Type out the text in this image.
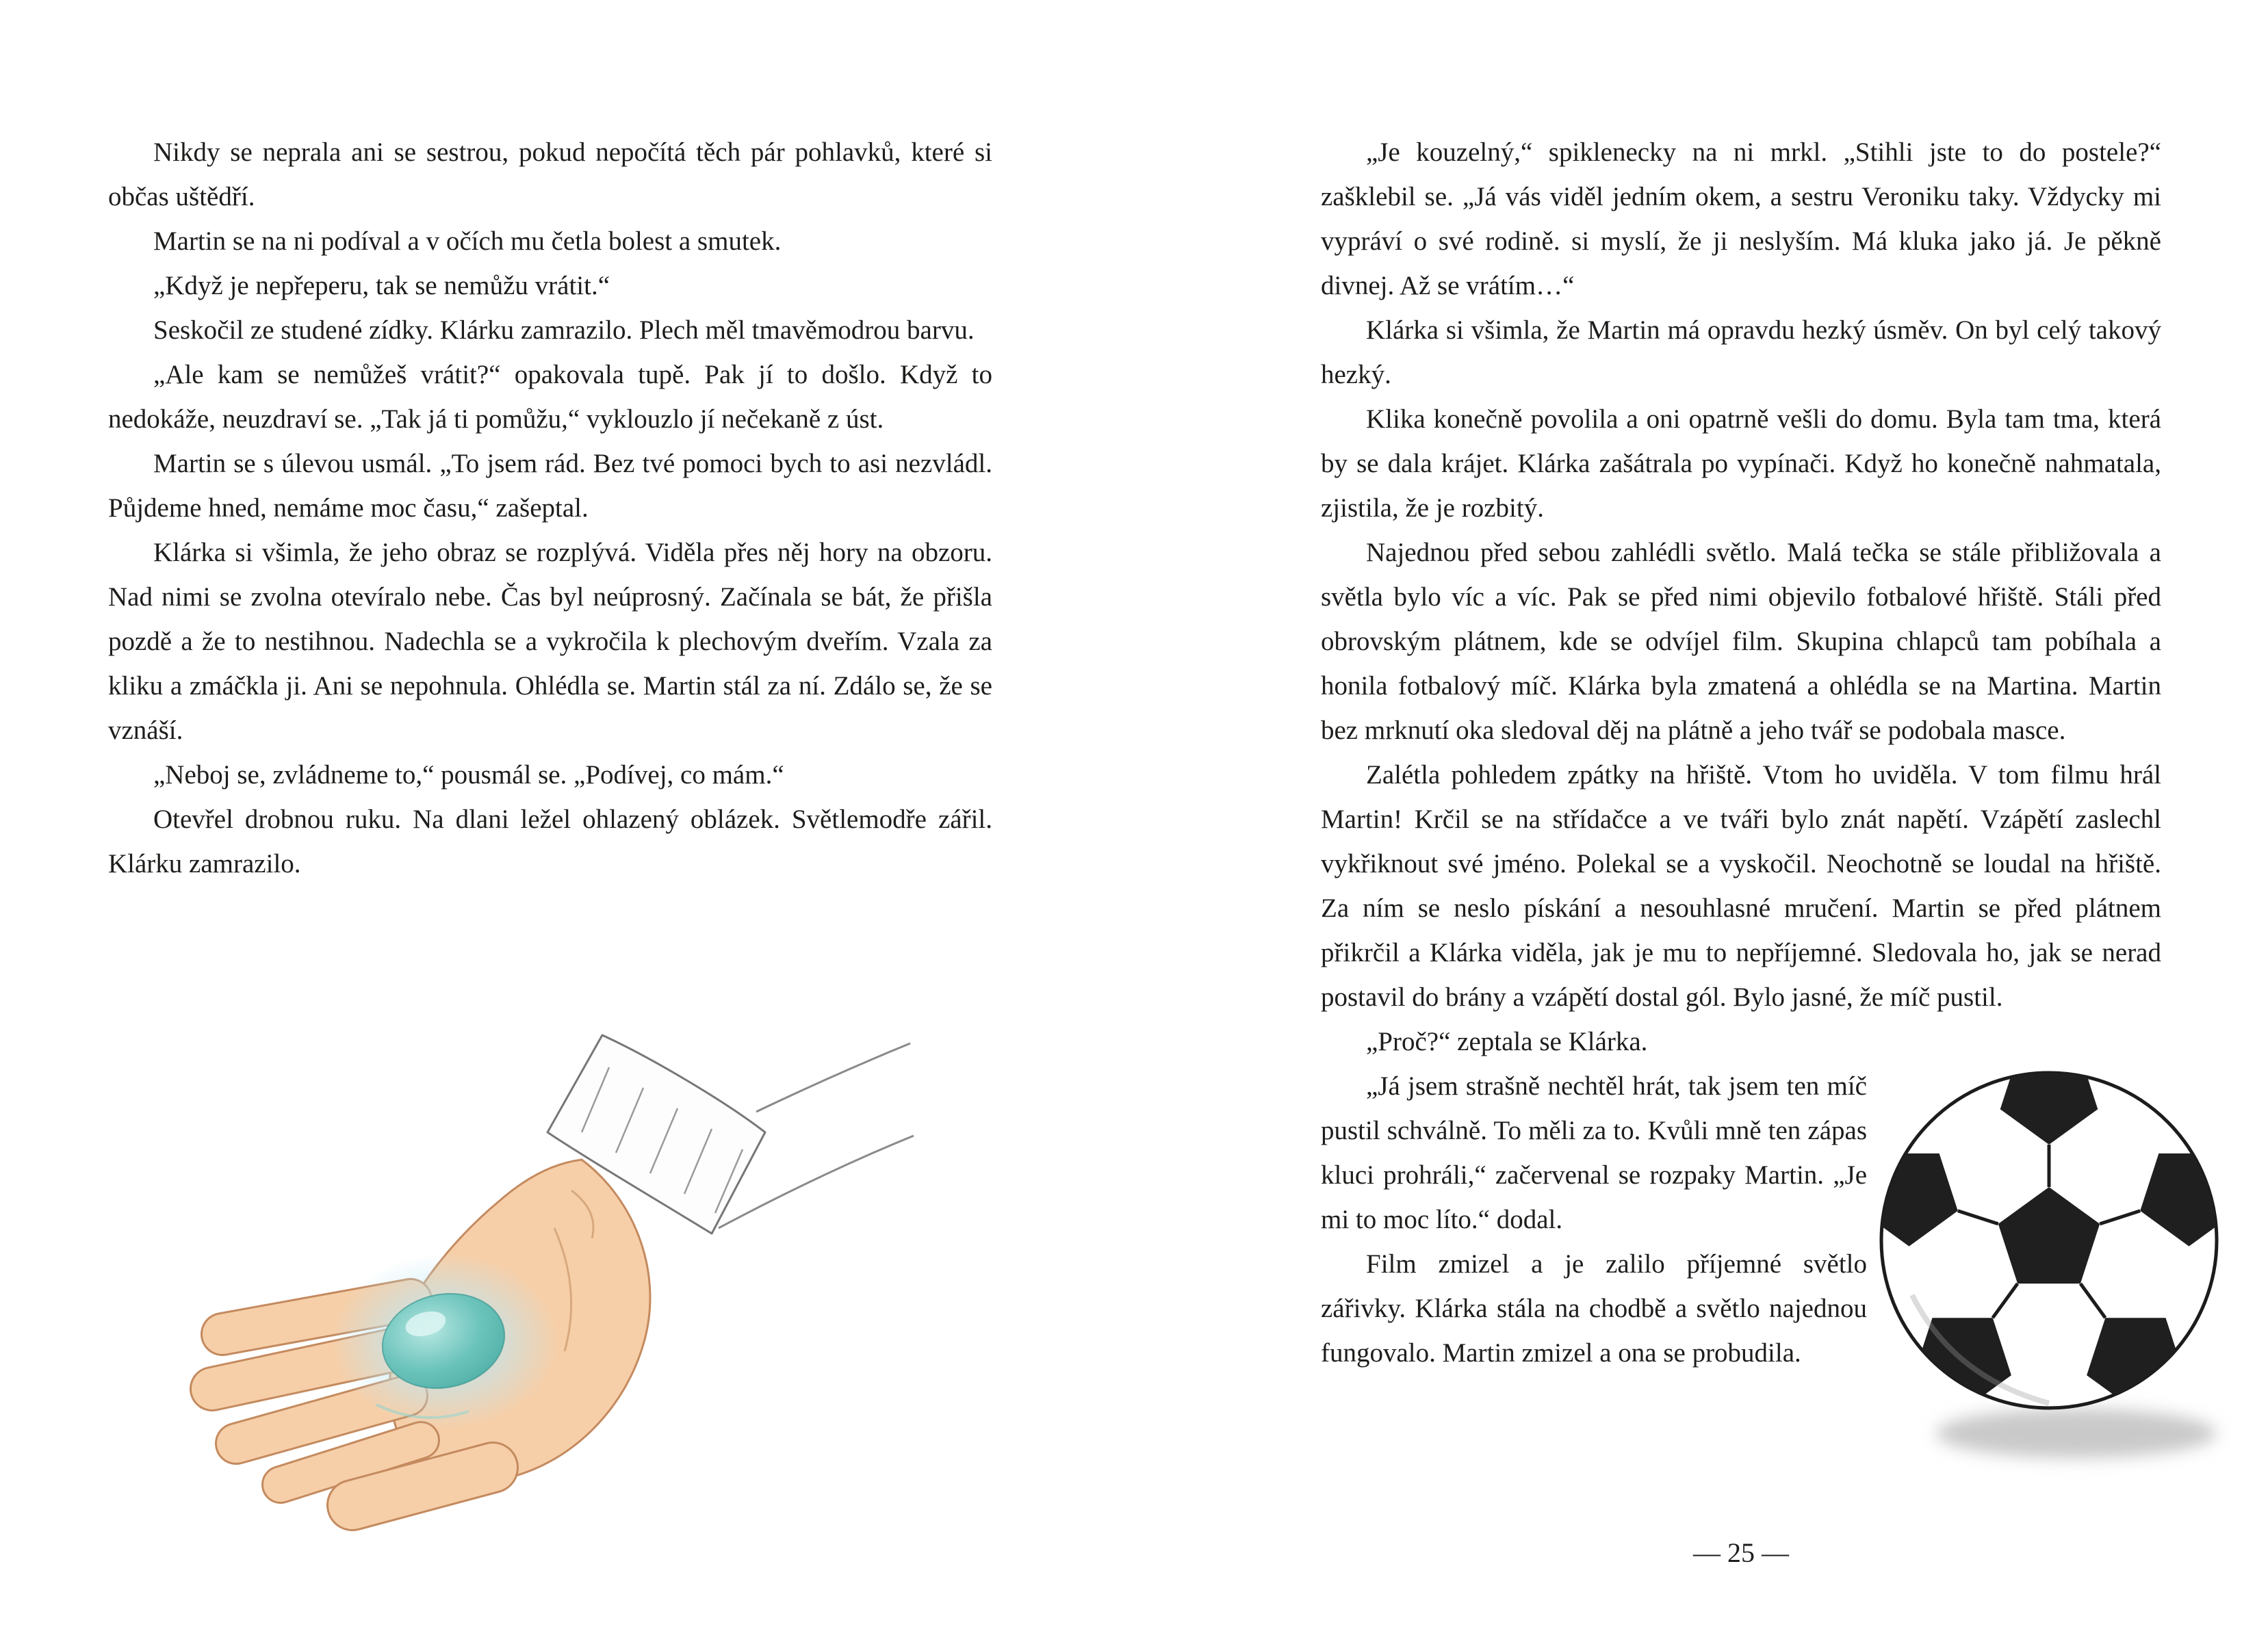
Nikdy se neprala ani se sestrou, pokud nepočítá těch pár pohlavků, které si občas uštědří.

Martin se na ni podíval a v očích mu četla bolest a smutek.

„Když je nepřeperu, tak se nemůžu vrátit.“

Seskočil ze studené zídky. Klárku zamrazilo. Plech měl tmavěmodrou barvu.

„Ale kam se nemůžeš vrátit?“ opakovala tupě. Pak jí to došlo. Když to nedokáže, neuzdraví se. „Tak já ti pomůžu,“ vyklouzlo jí nečekaně z úst.

Martin se s úlevou usmál. „To jsem rád. Bez tvé pomoci bych to asi nezvládl. Půjdeme hned, nemáme moc času,“ zašeptal.

Klárka si všimla, že jeho obraz se rozplývá. Viděla přes něj hory na obzoru. Nad nimi se zvolna otevíralo nebe. Čas byl neúprosný. Začínala se bát, že přišla pozdě a že to nestihnou. Nadechla se a vykročila k plechovým dveřím. Vzala za kliku a zmáčkla ji. Ani se nepohnula. Ohlédla se. Martin stál za ní. Zdálo se, že se vznáší.

„Neboj se, zvládneme to,“ pousmál se. „Podívej, co mám.“

Otevřel drobnou ruku. Na dlani ležel ohlazený oblázek. Světlemodře zářil. Klárku zamrazilo.

„Je kouzelný,“ spiklenecky na ni mrkl. „Stihli jste to do postele?“ zašklebil se. „Já vás viděl jedním okem, a sestru Veroniku taky. Vždycky mi vypráví o své rodině. si myslí, že ji neslyším. Má kluka jako já. Je pěkně divnej. Až se vrátím…“

Klárka si všimla, že Martin má opravdu hezký úsměv. On byl celý takový hezký.

Klika konečně povolila a oni opatrně vešli do domu. Byla tam tma, která by se dala krájet. Klárka zašátrala po vypínači. Když ho konečně nahmatala, zjistila, že je rozbitý.

Najednou před sebou zahlédli světlo. Malá tečka se stále přibližovala a světla bylo víc a víc. Pak se před nimi objevilo fotbalové hřiště. Stáli před obrovským plátnem, kde se odvíjel film. Skupina chlapců tam pobíhala a honila fotbalový míč. Klárka byla zmatená a ohlédla se na Martina. Martin bez mrknutí oka sledoval děj na plátně a jeho tvář se podobala masce.

Zalétla pohledem zpátky na hřiště. Vtom ho uviděla. V tom filmu hrál Martin! Krčil se na střídačce a ve tváři bylo znát napětí. Vzápětí zaslechl vykřiknout své jméno. Polekal se a vyskočil. Neochotně se loudal na hřiště. Za ním se neslo pískání a nesouhlasné mručení. Martin se před plátnem přikrčil a Klárka viděla, jak je mu to nepříjemné. Sledovala ho, jak se nerad postavil do brány a vzápětí dostal gól. Bylo jasné, že míč pustil.

„Proč?“ zeptala se Klárka.

„Já jsem strašně nechtěl hrát, tak jsem ten míč pustil schválně. To měli za to. Kvůli mně ten zápas kluci prohráli,“ začervenal se rozpaky Martin. „Je mi to moc líto.“ dodal.

Film zmizel a je zalilo příjemné světlo zářivky. Klárka stála na chodbě a světlo najednou fungovalo. Martin zmizel a ona se probudila.

— 25 —
